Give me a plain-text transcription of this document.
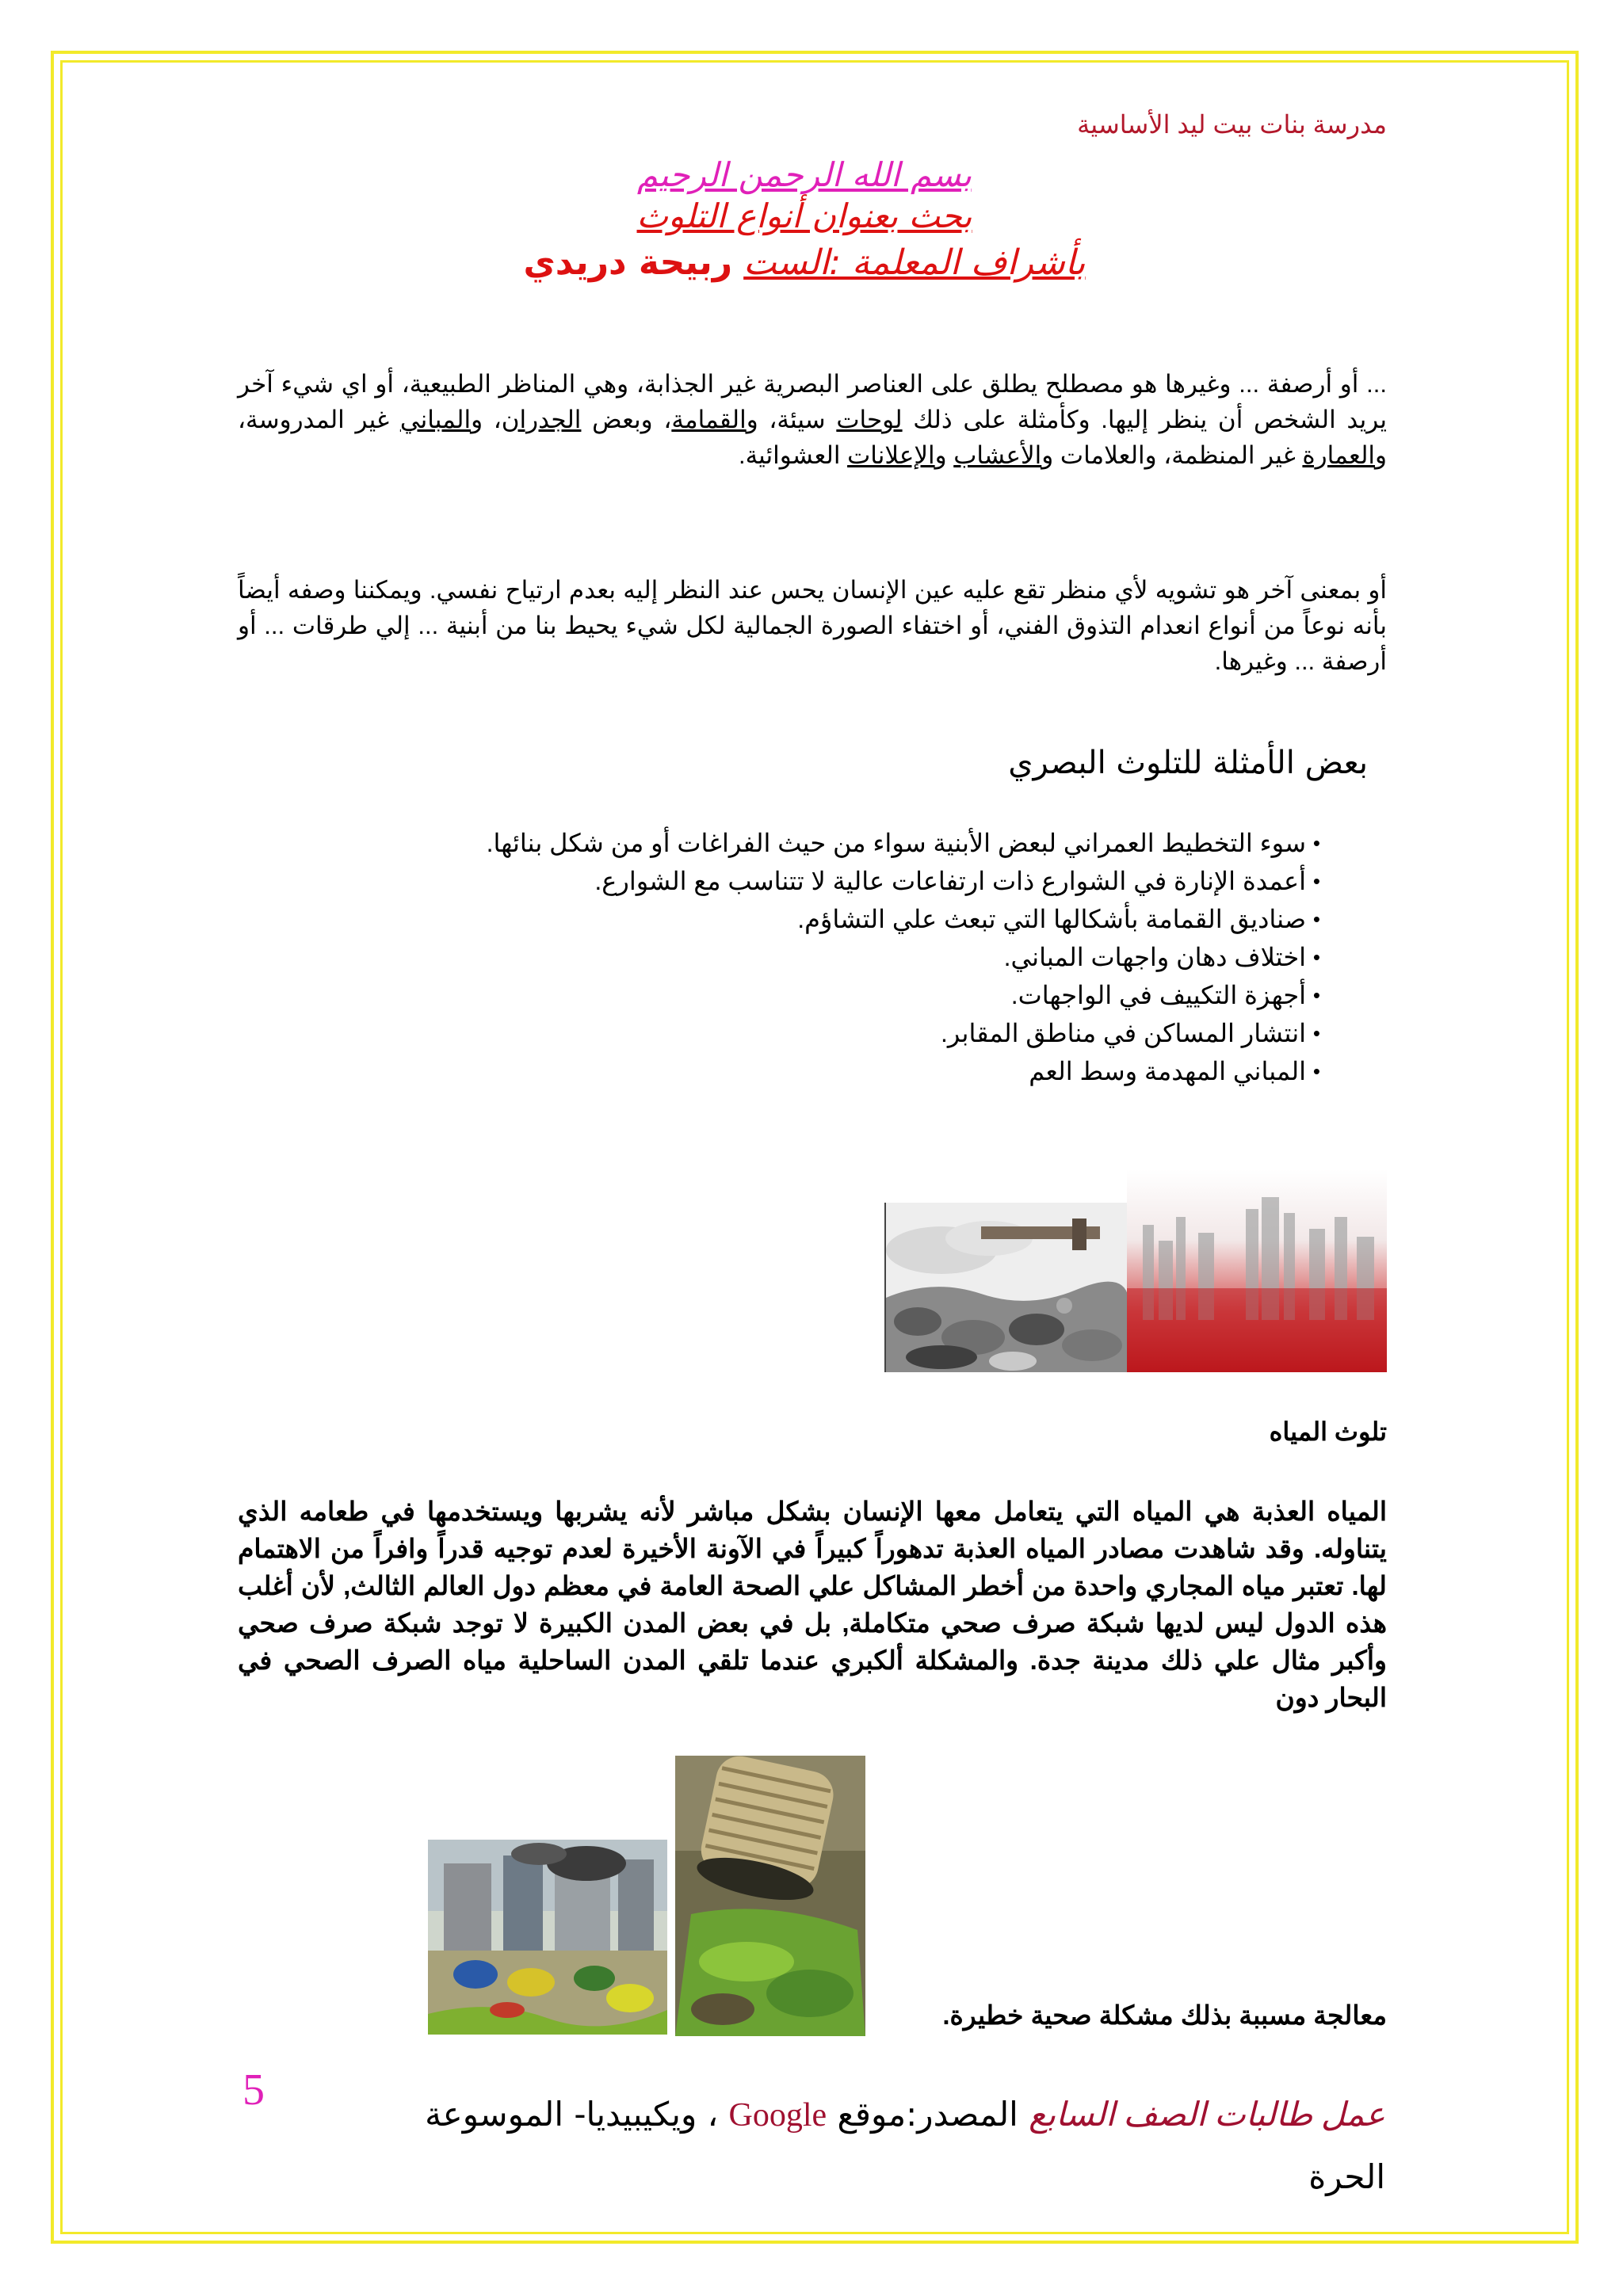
مدرسة بنات بيت ليد الأساسية
بسم الله الرحمن الرحيم
بحث بعنوان أنواع التلوث
بأشراف المعلمة :الست ربيحة دريدي
... أو أرصفة ... وغيرها هو مصطلح يطلق على العناصر البصرية غير الجذابة، وهي المناظر الطبيعية، أو اي شيء آخر يريد الشخص أن ينظر إليها. وكأمثلة على ذلك لوحات سيئة، والقمامة، وبعض الجدران، والمباني غير المدروسة، والعمارة غير المنظمة، والعلامات والأعشاب والإعلانات العشوائية.
أو بمعنى آخر هو تشويه لأي منظر تقع عليه عين الإنسان يحس عند النظر إليه بعدم ارتياح نفسي. ويمكننا وصفه أيضاً بأنه نوعاً من أنواع انعدام التذوق الفني، أو اختفاء الصورة الجمالية لكل شيء يحيط بنا من أبنية ... إلي طرقات ... أو أرصفة ... وغيرها.
بعض الأمثلة للتلوث البصري
• سوء التخطيط العمراني لبعض الأبنية سواء من حيث الفراغات أو من شكل بنائها.
• أعمدة الإنارة في الشوارع ذات ارتفاعات عالية لا تتناسب مع الشوارع.
• صناديق القمامة بأشكالها التي تبعث علي التشاؤم.
• اختلاف دهان واجهات المباني.
• أجهزة التكييف في الواجهات.
• انتشار المساكن في مناطق المقابر.
• المباني المهدمة وسط العم
تلوث المياه
المياه العذبة هي المياه التي يتعامل معها الإنسان بشكل مباشر لأنه يشربها ويستخدمها في طعامه الذي يتناوله. وقد شاهدت مصادر المياه العذبة تدهوراً كبيراً في الآونة الأخيرة لعدم توجيه قدراً وافراً من الاهتمام لها. تعتبر مياه المجاري واحدة من أخطر المشاكل علي الصحة العامة في معظم دول العالم الثالث, لأن أغلب هذه الدول ليس لديها شبكة صرف صحي متكاملة, بل في بعض المدن الكبيرة لا توجد شبكة صرف صحي وأكبر مثال علي ذلك مدينة جدة. والمشكلة ألكبري عندما تلقي المدن الساحلية مياه الصرف الصحي في البحار دون
معالجة مسببة بذلك مشكلة صحية خطيرة.
5
عمل طالبات الصف السابع المصدر:موقع Google ، ويكيبيديا- الموسوعة الحرة
